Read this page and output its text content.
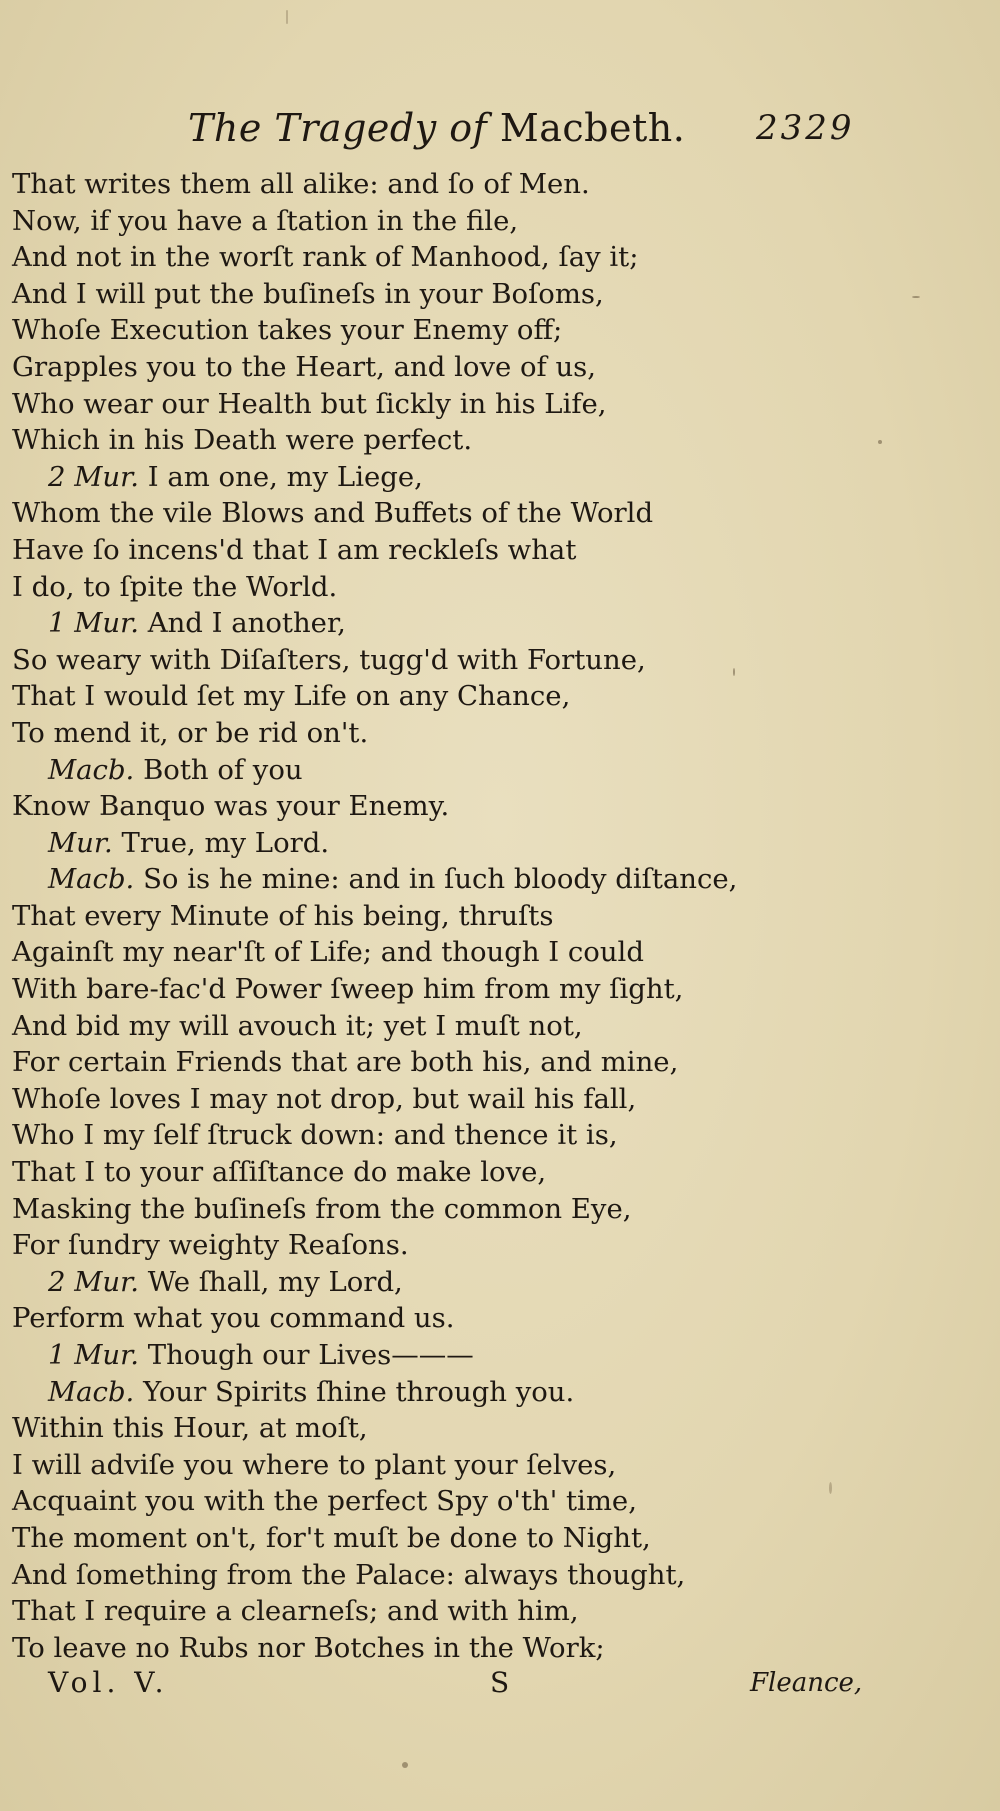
The Tragedy of Macbeth. 2329
That writes them all alike: and ſo of Men.
Now, if you have a ſtation in the file,
And not in the worſt rank of Manhood, ſay it;
And I will put the buſineſs in your Boſoms,
Whoſe Execution takes your Enemy off;
Grapples you to the Heart, and love of us,
Who wear our Health but ſickly in his Life,
Which in his Death were perfect.
2 Mur. I am one, my Liege,
Whom the vile Blows and Buffets of the World
Have ſo incens'd that I am reckleſs what
I do, to ſpite the World.
1 Mur. And I another,
So weary with Diſaſters, tugg'd with Fortune,
That I would ſet my Life on any Chance,
To mend it, or be rid on't.
Macb. Both of you
Know Banquo was your Enemy.
Mur. True, my Lord.
Macb. So is he mine: and in ſuch bloody diſtance,
That every Minute of his being, thruſts
Againſt my near'ſt of Life; and though I could
With bare-fac'd Power ſweep him from my ſight,
And bid my will avouch it; yet I muſt not,
For certain Friends that are both his, and mine,
Whoſe loves I may not drop, but wail his fall,
Who I my ſelf ſtruck down: and thence it is,
That I to your aſſiſtance do make love,
Masking the buſineſs from the common Eye,
For ſundry weighty Reaſons.
2 Mur. We ſhall, my Lord,
Perform what you command us.
1 Mur. Though our Lives———
Macb. Your Spirits ſhine through you.
Within this Hour, at moſt,
I will adviſe you where to plant your ſelves,
Acquaint you with the perfect Spy o'th' time,
The moment on't, for't muſt be done to Night,
And ſomething from the Palace: always thought,
That I require a clearneſs; and with him,
To leave no Rubs nor Botches in the Work;
Vol. V.	S	Fleance,
